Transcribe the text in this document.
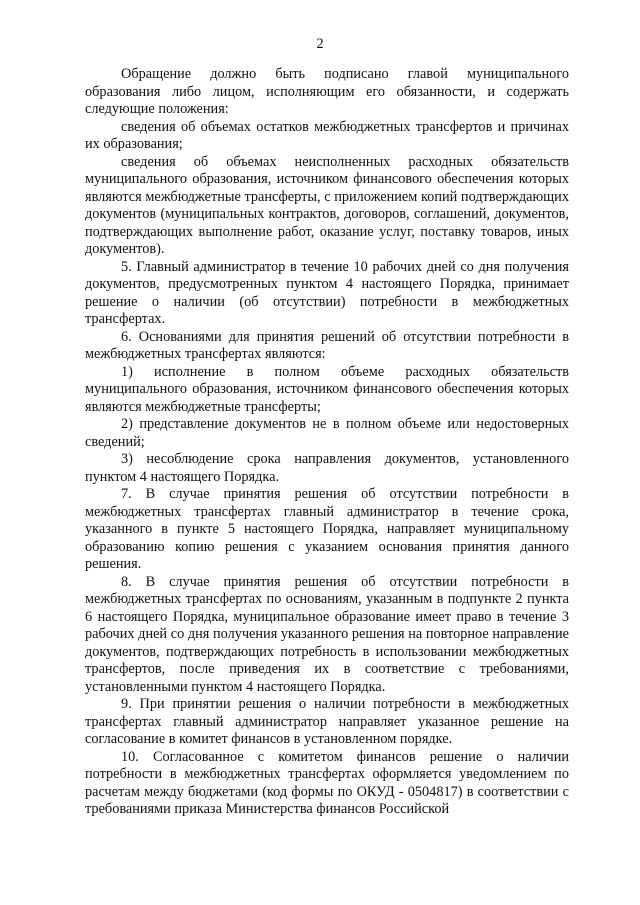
2

Обращение должно быть подписано главой муниципального образования либо лицом, исполняющим его обязанности, и содержать следующие положения:

сведения об объемах остатков межбюджетных трансфертов и причинах их образования;

сведения об объемах неисполненных расходных обязательств муниципального образования, источником финансового обеспечения которых являются межбюджетные трансферты, с приложением копий подтверждающих документов (муниципальных контрактов, договоров, соглашений, документов, подтверждающих выполнение работ, оказание услуг, поставку товаров, иных документов).

5. Главный администратор в течение 10 рабочих дней со дня получения документов, предусмотренных пунктом 4 настоящего Порядка, принимает решение о наличии (об отсутствии) потребности в межбюджетных трансфертах.

6. Основаниями для принятия решений об отсутствии потребности в межбюджетных трансфертах являются:

1) исполнение в полном объеме расходных обязательств муниципального образования, источником финансового обеспечения которых являются межбюджетные трансферты;

2) представление документов не в полном объеме или недостоверных сведений;

3) несоблюдение срока направления документов, установленного пунктом 4 настоящего Порядка.

7. В случае принятия решения об отсутствии потребности в межбюджетных трансфертах главный администратор в течение срока, указанного в пункте 5 настоящего Порядка, направляет муниципальному образованию копию решения с указанием основания принятия данного решения.

8. В случае принятия решения об отсутствии потребности в межбюджетных трансфертах по основаниям, указанным в подпункте 2 пункта 6 настоящего Порядка, муниципальное образование имеет право в течение 3 рабочих дней со дня получения указанного решения на повторное направление документов, подтверждающих потребность в использовании межбюджетных трансфертов, после приведения их в соответствие с требованиями, установленными пунктом 4 настоящего Порядка.

9. При принятии решения о наличии потребности в межбюджетных трансфертах главный администратор направляет указанное решение на согласование в комитет финансов в установленном порядке.

10. Согласованное с комитетом финансов решение о наличии потребности в межбюджетных трансфертах оформляется уведомлением по расчетам между бюджетами (код формы по ОКУД - 0504817) в соответствии с требованиями приказа Министерства финансов Российской
